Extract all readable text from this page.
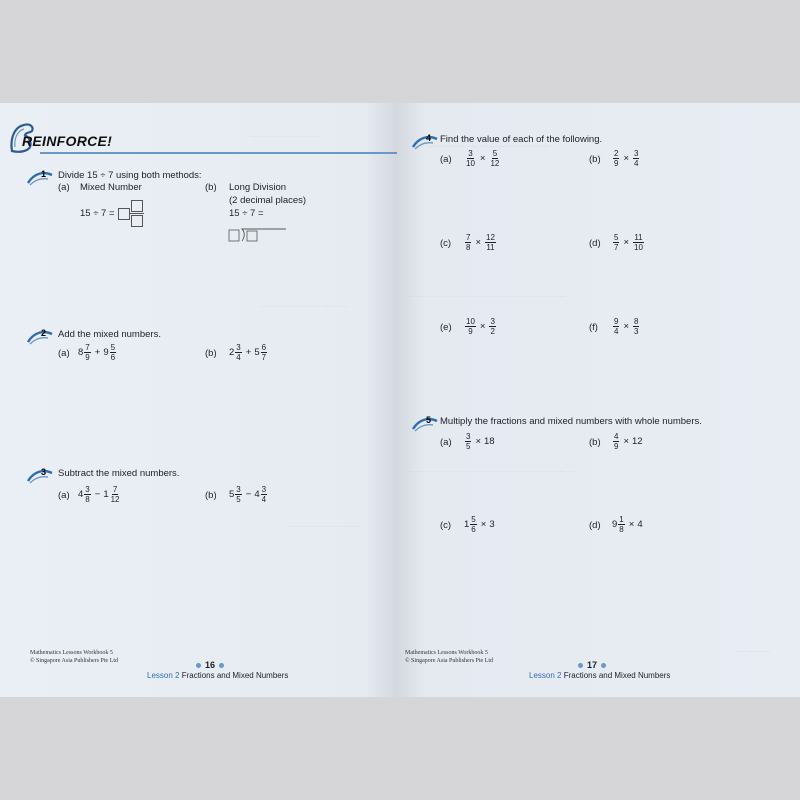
— — — — — — — —
— — — — — — — — — —
— — — — — — — —
REINFORCE!
1 Divide 15 ÷ 7 using both methods:
(a) Mixed Number
15 ÷ 7 =
(b) Long Division
(2 decimal places)
15 ÷ 7 =
2 Add the mixed numbers.
(a) $8 \frac{7}{9} + 9 \frac{5}{6}$	(b) $2 \frac{3}{4} + 5 \frac{6}{7}$
3 Subtract the mixed numbers.
(a) $4 \frac{3}{8} - 1 \frac{7}{12}$	(b) $5 \frac{3}{5} - 4 \frac{3}{4}$
Mathematics Lessons Workbook 5
© Singapore Asia Publishers Pte Ltd	16
Lesson 2 Fractions and Mixed Numbers
— — — — — — — — — — — — — — —
— — — — — — — — — — — — — — — — — —
— — — — — — — — — — — — — — — — — — —
— — — —
4 Find the value of each of the following.
$(a) \frac{3}{10} \times \frac{5}{12}$	$(b) \frac{2}{9} \times \frac{3}{4}$
$(c) \frac{7}{8} \times \frac{12}{11}$	$(d) \frac{5}{7} \times \frac{11}{10}$
$(e) \frac{10}{9} \times \frac{3}{2}$	$(f) \frac{9}{4} \times \frac{8}{3}$
5 Multiply the fractions and mixed numbers with whole numbers.
$(a) \frac{3}{5} \times 18$	$(b) \frac{4}{9} \times 12$
(c) $1 \frac{5}{6} \times 3$	(d) $9 \frac{1}{8} \times 4$
Mathematics Lessons Workbook 5
© Singapore Asia Publishers Pte Ltd	17
Lesson 2 Fractions and Mixed Numbers
